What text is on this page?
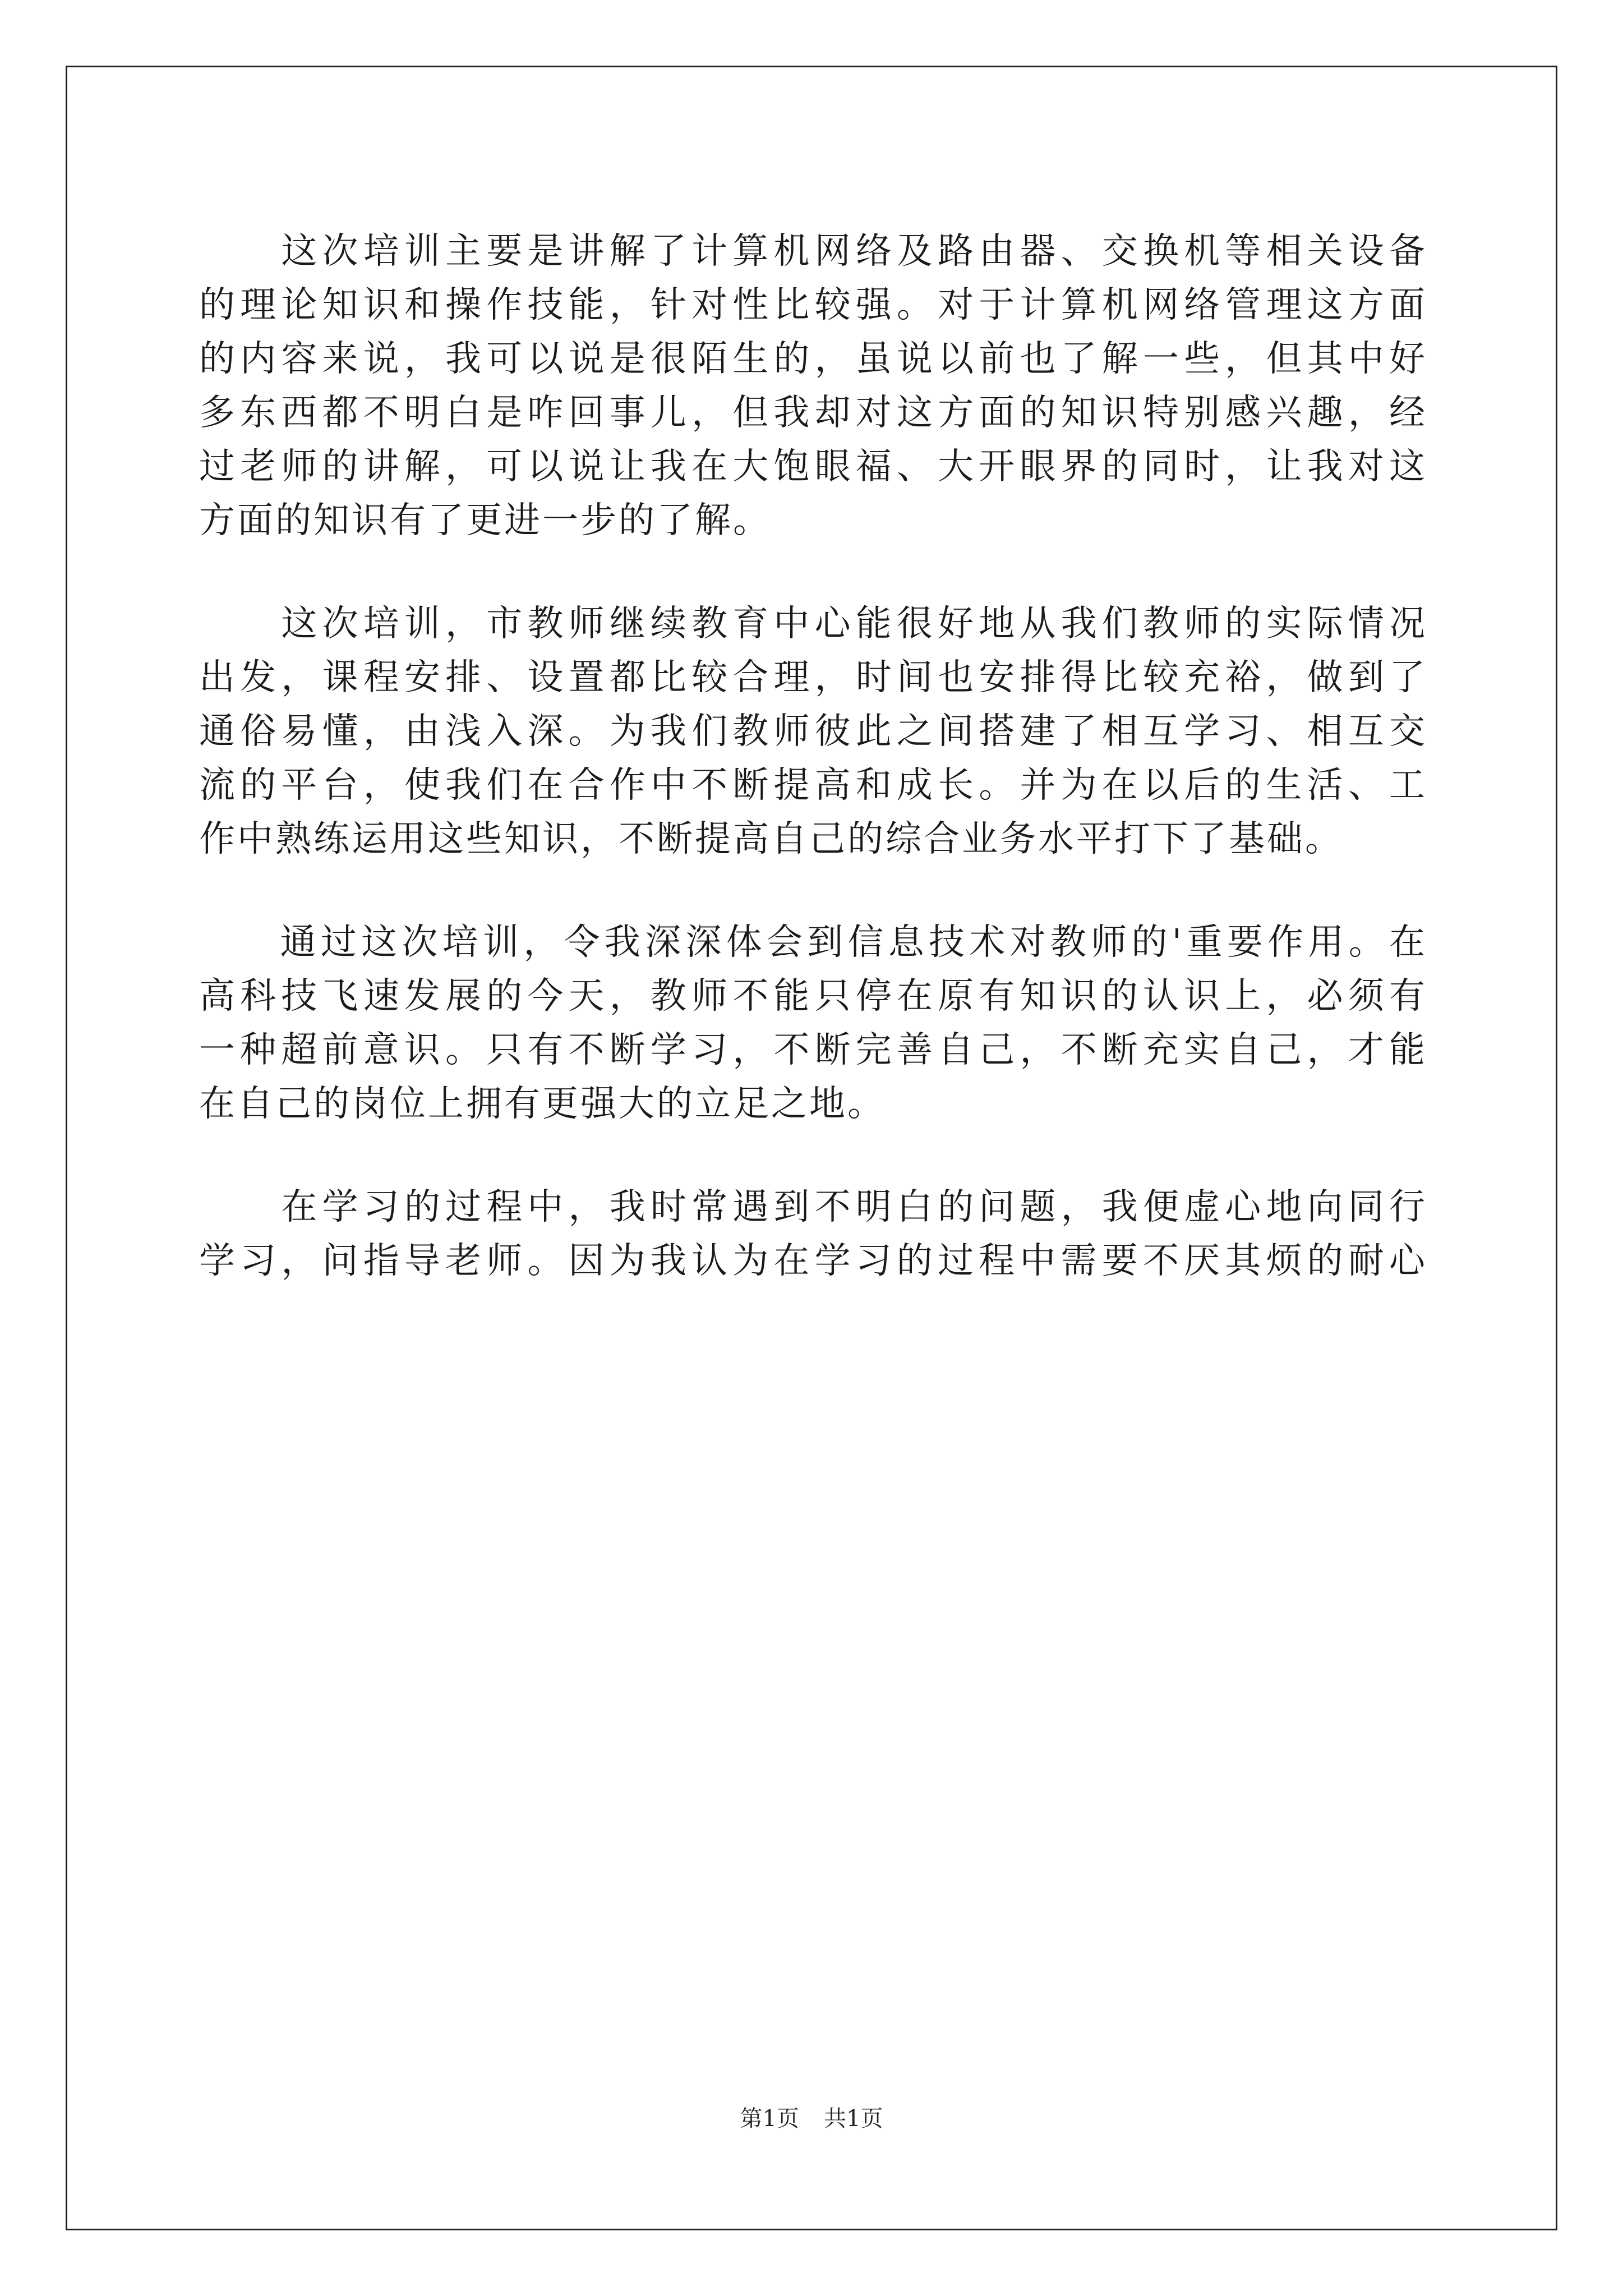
　　这次培训主要是讲解了计算机网络及路由器、交换机等相关设备
的理论知识和操作技能，针对性比较强。对于计算机网络管理这方面
的内容来说，我可以说是很陌生的，虽说以前也了解一些，但其中好
多东西都不明白是咋回事儿，但我却对这方面的知识特别感兴趣，经
过老师的讲解，可以说让我在大饱眼福、大开眼界的同时，让我对这
方面的知识有了更进一步的了解。
　　这次培训，市教师继续教育中心能很好地从我们教师的实际情况
出发，课程安排、设置都比较合理，时间也安排得比较充裕，做到了
通俗易懂，由浅入深。为我们教师彼此之间搭建了相互学习、相互交
流的平台，使我们在合作中不断提高和成长。并为在以后的生活、工
作中熟练运用这些知识，不断提高自己的综合业务水平打下了基础。
　　通过这次培训，令我深深体会到信息技术对教师的'重要作用。在
高科技飞速发展的今天，教师不能只停在原有知识的认识上，必须有
一种超前意识。只有不断学习，不断完善自己，不断充实自己，才能
在自己的岗位上拥有更强大的立足之地。
　　在学习的过程中，我时常遇到不明白的问题，我便虚心地向同行
学习，问指导老师。因为我认为在学习的过程中需要不厌其烦的耐心
第1页 共1页
